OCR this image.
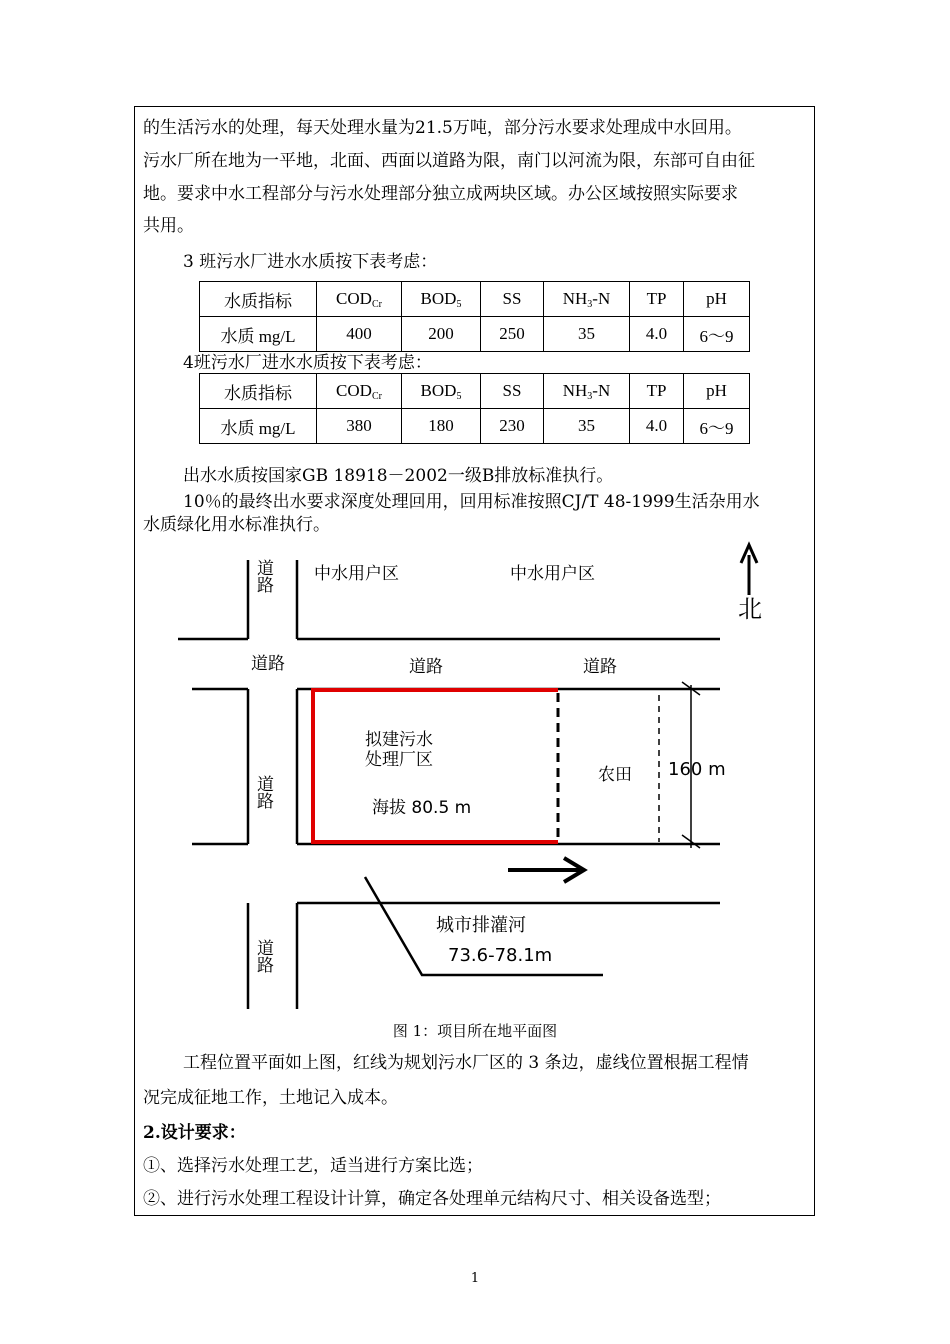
的生活污水的处理，每天处理水量为21.5万吨，部分污水要求处理成中水回用。
污水厂所在地为一平地，北面、西面以道路为限，南门以河流为限，东部可自由征
地。要求中水工程部分与污水处理部分独立成两块区域。办公区域按照实际要求
共用。
3 班污水厂进水水质按下表考虑：
水质指标	$COD_{Cr}$	$BOD_5$	SS	$NH_3-N$	TP	pH
水质 mg/L	400	200	250	35	4.0	6～9
4班污水厂进水水质按下表考虑：
水质指标	$COD_{Cr}$	$BOD_5$	SS	$NH_3-N$	TP	pH
水质 mg/L	380	180	230	35	4.0	6～9
出水水质按国家GB 18918－2002一级B排放标准执行。
10％的最终出水要求深度处理回用，回用标准按照CJ/T 48-1999生活杂用水
水质绿化用水标准执行。
道路 中水用户区	中水用户区
道路	道路	道路
道路
道路
拟建污水
处理厂区
海拔 80.5 m
农田 160 m
城市排灌河
73.6-78.1m
北
图 1：项目所在地平面图
工程位置平面如上图，红线为规划污水厂区的 3 条边，虚线位置根据工程情
况完成征地工作，土地记入成本。
2.设计要求：
①、选择污水处理工艺，适当进行方案比选；
②、进行污水处理工程设计计算，确定各处理单元结构尺寸、相关设备选型；
1
